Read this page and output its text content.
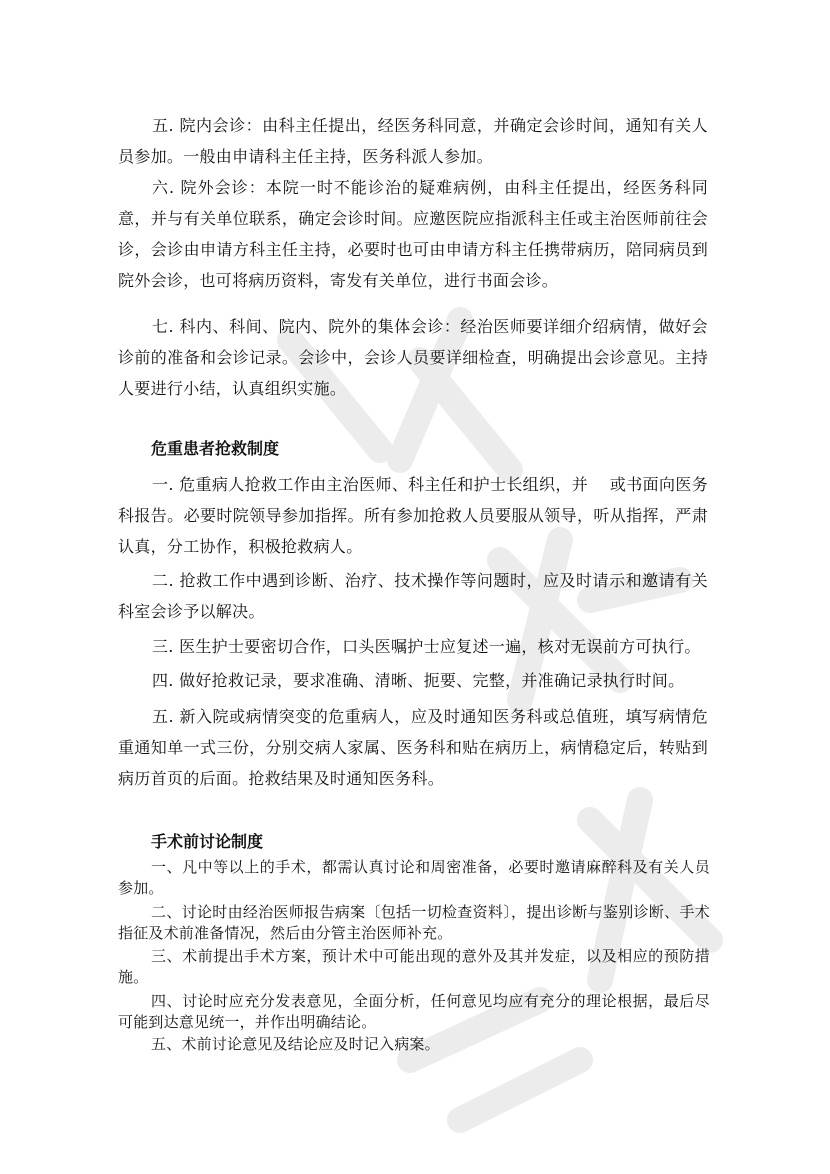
五. 院内会诊：由科主任提出，经医务科同意，并确定会诊时间，通知有关人员参加。一般由申请科主任主持，医务科派人参加。

六. 院外会诊：本院一时不能诊治的疑难病例，由科主任提出，经医务科同意，并与有关单位联系，确定会诊时间。应邀医院应指派科主任或主治医师前往会诊，会诊由申请方科主任主持，必要时也可由申请方科主任携带病历，陪同病员到院外会诊，也可将病历资料，寄发有关单位，进行书面会诊。

七. 科内、科间、院内、院外的集体会诊：经治医师要详细介绍病情，做好会诊前的准备和会诊记录。会诊中，会诊人员要详细检查，明确提出会诊意见。主持人要进行小结，认真组织实施。

危重患者抢救制度

一. 危重病人抢救工作由主治医师、科主任和护士长组织，并　 或书面向医务科报告。必要时院领导参加指挥。所有参加抢救人员要服从领导，听从指挥，严肃认真，分工协作，积极抢救病人。

二. 抢救工作中遇到诊断、治疗、技术操作等问题时，应及时请示和邀请有关科室会诊予以解决。

三. 医生护士要密切合作，口头医嘱护士应复述一遍，核对无误前方可执行。

四. 做好抢救记录，要求准确、清晰、扼要、完整，并准确记录执行时间。

五. 新入院或病情突变的危重病人，应及时通知医务科或总值班，填写病情危重通知单一式三份，分别交病人家属、医务科和贴在病历上，病情稳定后，转贴到病历首页的后面。抢救结果及时通知医务科。

手术前讨论制度

一、凡中等以上的手术，都需认真讨论和周密准备，必要时邀请麻醉科及有关人员参加。

二、讨论时由经治医师报告病案〔包括一切检查资料〕，提出诊断与鉴别诊断、手术指征及术前准备情况，然后由分管主治医师补充。

三、术前提出手术方案，预计术中可能出现的意外及其并发症，以及相应的预防措施。

四、讨论时应充分发表意见，全面分析，任何意见均应有充分的理论根据，最后尽可能到达意见统一，并作出明确结论。

五、术前讨论意见及结论应及时记入病案。
